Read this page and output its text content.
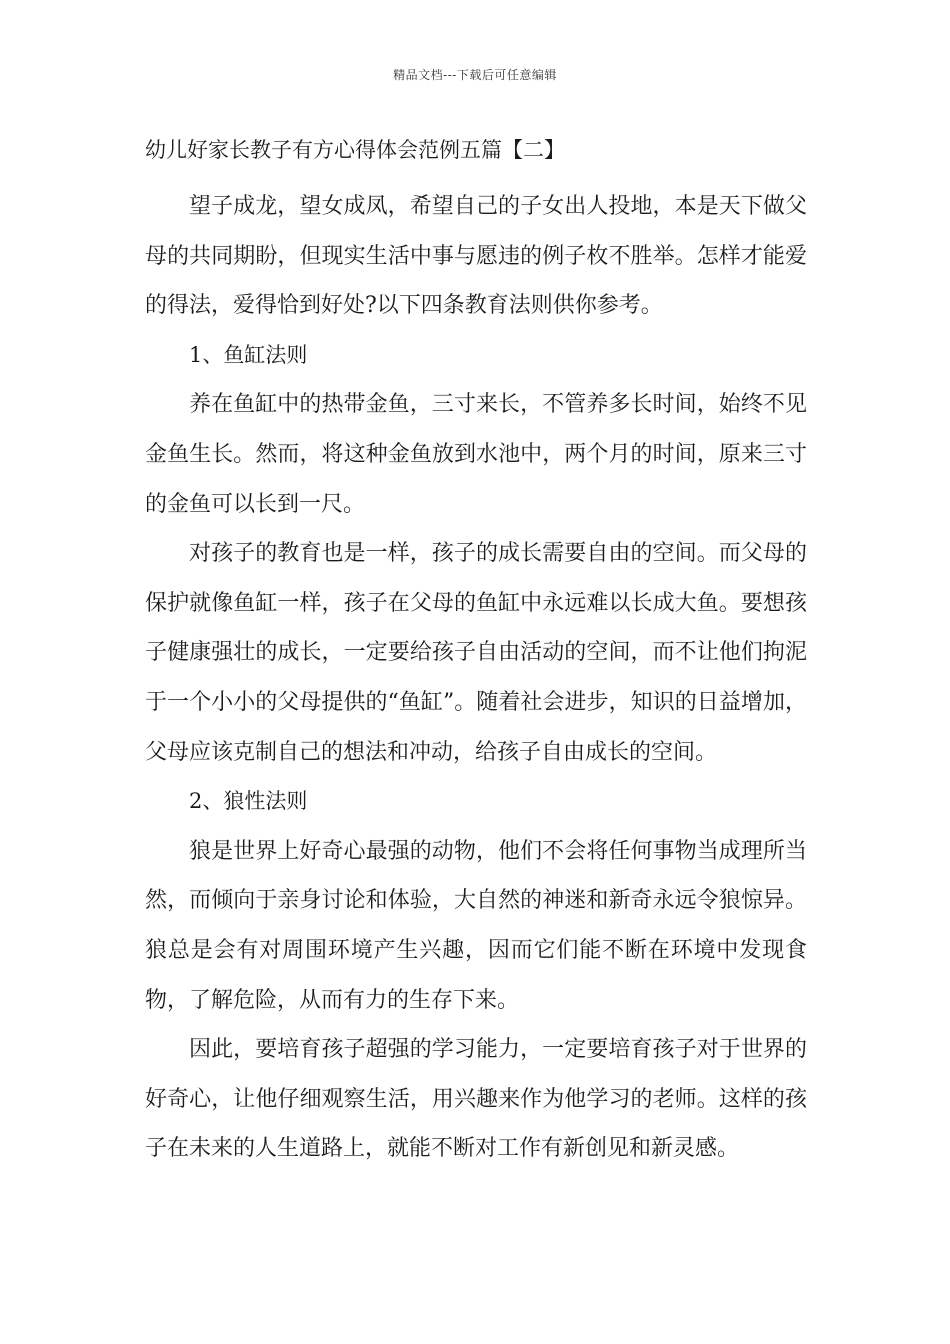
精品文档---下载后可任意编辑
幼儿好家长教子有方心得体会范例五篇【二】

望子成龙，望女成凤，希望自己的子女出人投地，本是天下做父母的共同期盼，但现实生活中事与愿违的例子枚不胜举。怎样才能爱的得法，爱得恰到好处?以下四条教育法则供你参考。

1、鱼缸法则

养在鱼缸中的热带金鱼，三寸来长，不管养多长时间，始终不见金鱼生长。然而，将这种金鱼放到水池中，两个月的时间，原来三寸的金鱼可以长到一尺。

对孩子的教育也是一样，孩子的成长需要自由的空间。而父母的保护就像鱼缸一样，孩子在父母的鱼缸中永远难以长成大鱼。要想孩子健康强壮的成长，一定要给孩子自由活动的空间，而不让他们拘泥于一个小小的父母提供的“鱼缸”。随着社会进步，知识的日益增加，父母应该克制自己的想法和冲动，给孩子自由成长的空间。

2、狼性法则

狼是世界上好奇心最强的动物，他们不会将任何事物当成理所当然，而倾向于亲身讨论和体验，大自然的神迷和新奇永远令狼惊异。狼总是会有对周围环境产生兴趣，因而它们能不断在环境中发现食物，了解危险，从而有力的生存下来。

因此，要培育孩子超强的学习能力，一定要培育孩子对于世界的好奇心，让他仔细观察生活，用兴趣来作为他学习的老师。这样的孩子在未来的人生道路上，就能不断对工作有新创见和新灵感。
